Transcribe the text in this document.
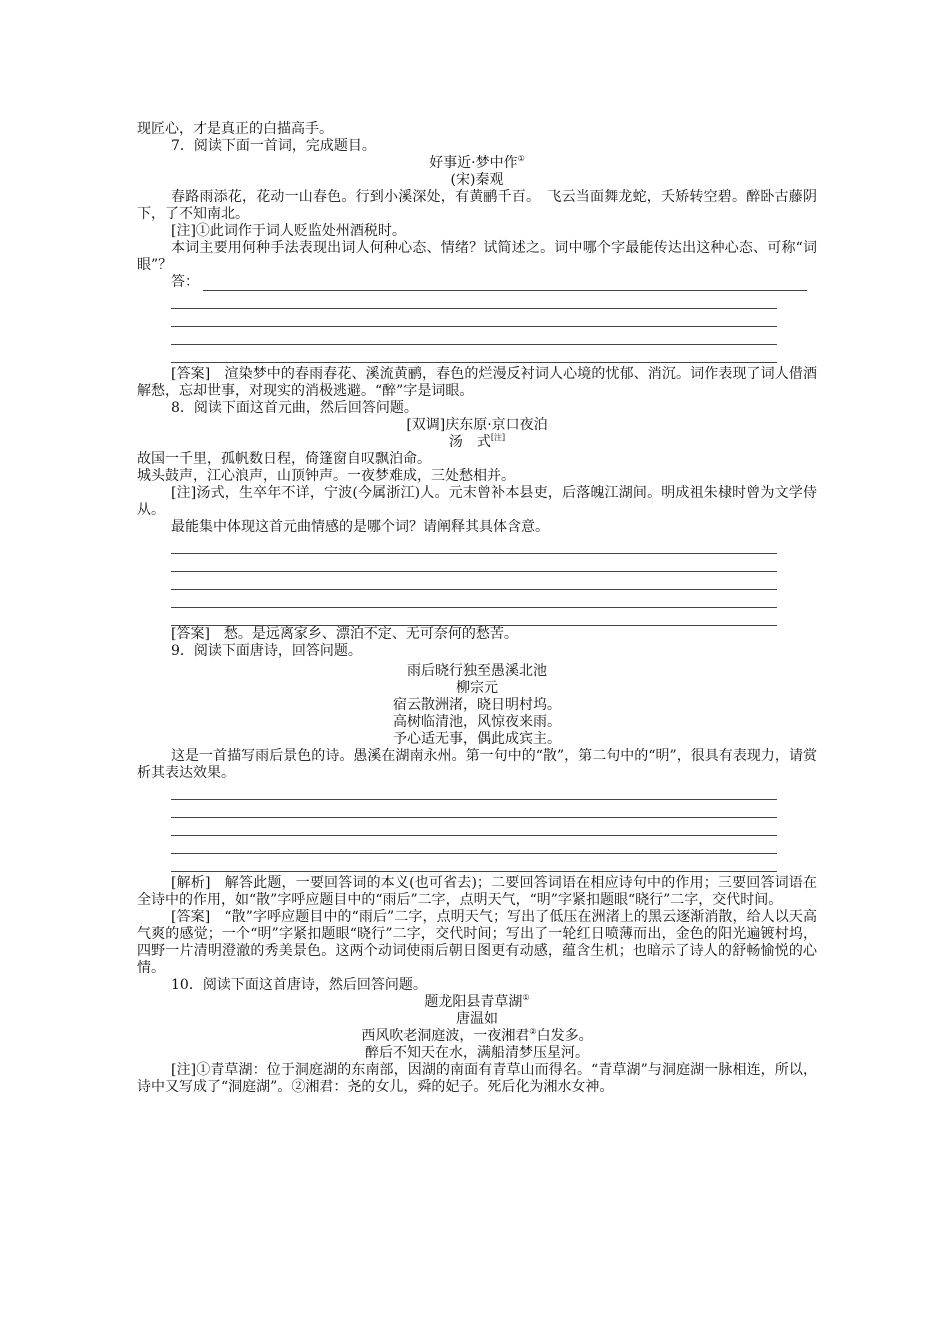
现匠心，才是真正的白描高手。

7．阅读下面一首词，完成题目。

好事近·梦中作①

(宋)秦观

春路雨添花，花动一山春色。行到小溪深处，有黄鹂千百。　飞云当面舞龙蛇，夭矫转空碧。醉卧古藤阴下，了不知南北。

[注]①此词作于词人贬监处州酒税时。

本词主要用何种手法表现出词人何种心态、情绪？试简述之。词中哪个字最能传达出这种心态、可称“词眼”？

答：

[答案]　渲染梦中的春雨春花、溪流黄鹂，春色的烂漫反衬词人心境的忧郁、消沉。词作表现了词人借酒解愁，忘却世事，对现实的消极逃避。“醉”字是词眼。

8．阅读下面这首元曲，然后回答问题。

[双调]庆东原·京口夜泊

汤　式[注]

故国一千里，孤帆数日程，倚篷窗自叹飘泊命。

城头鼓声，江心浪声，山顶钟声。一夜梦难成，三处愁相并。

[注]汤式，生卒年不详，宁波(今属浙江)人。元末曾补本县吏，后落魄江湖间。明成祖朱棣时曾为文学侍从。

最能集中体现这首元曲情感的是哪个词？请阐释其具体含意。

[答案]　愁。是远离家乡、漂泊不定、无可奈何的愁苦。

9．阅读下面唐诗，回答问题。

雨后晓行独至愚溪北池

柳宗元

宿云散洲渚，晓日明村坞。

高树临清池，风惊夜来雨。

予心适无事，偶此成宾主。

这是一首描写雨后景色的诗。愚溪在湖南永州。第一句中的“散”，第二句中的“明”，很具有表现力，请赏析其表达效果。

[解析]　解答此题，一要回答词的本义(也可省去)；二要回答词语在相应诗句中的作用；三要回答词语在全诗中的作用，如“散”字呼应题目中的“雨后”二字，点明天气，“明”字紧扣题眼“晓行”二字，交代时间。

[答案]　“散”字呼应题目中的“雨后”二字，点明天气；写出了低压在洲渚上的黑云逐渐消散，给人以天高气爽的感觉；一个“明”字紧扣题眼“晓行”二字，交代时间；写出了一轮红日喷薄而出，金色的阳光遍镀村坞，四野一片清明澄澈的秀美景色。这两个动词使雨后朝日图更有动感，蕴含生机；也暗示了诗人的舒畅愉悦的心情。

10．阅读下面这首唐诗，然后回答问题。

题龙阳县青草湖①

唐温如

西风吹老洞庭波，一夜湘君②白发多。

醉后不知天在水，满船清梦压星河。

[注]①青草湖：位于洞庭湖的东南部，因湖的南面有青草山而得名。“青草湖”与洞庭湖一脉相连，所以，诗中又写成了“洞庭湖”。②湘君：尧的女儿，舜的妃子。死后化为湘水女神。
